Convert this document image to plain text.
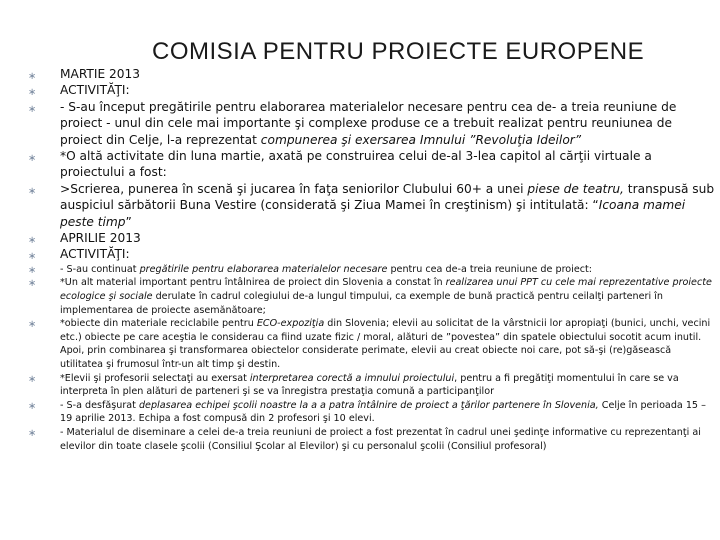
COMISIA PENTRU PROIECTE EUROPENE
∗ MARTIE 2013
∗ ACTIVITĂŢI:
∗ - S-au început pregătirile pentru elaborarea materialelor necesare pentru cea de- a treia reuniune de proiect - unul din cele mai importante şi complexe produse ce a trebuit realizat pentru reuniunea de proiect din Celje, l-a reprezentat compunerea şi exersarea Imnului ”Revoluţia Ideilor”
∗ *O altă activitate din luna martie, axată pe construirea celui de-al 3-lea capitol al cărţii virtuale a proiectului a fost:
∗ >Scrierea, punerea în scenă şi jucarea în faţa seniorilor Clubului 60+ a unei piese de teatru, transpusă sub auspiciul sărbătorii Buna Vestire (considerată şi Ziua Mamei în creştinism) şi intitulată: “Icoana mamei peste timp”
∗ APRILIE 2013
∗ ACTIVITĂŢI:
∗ - S-au continuat pregătirile pentru elaborarea materialelor necesare pentru cea de-a treia reuniune de proiect:
∗ *Un alt material important pentru întâlnirea de proiect din Slovenia a constat în realizarea unui PPT cu cele mai reprezentative proiecte ecologice şi sociale derulate în cadrul colegiului de-a lungul timpului, ca exemple de bună practică pentru ceilalţi parteneri în implementarea de proiecte asemănătoare;
∗ *obiecte din materiale reciclabile pentru ECO-expoziţia din Slovenia; elevii au solicitat de la vârstnicii lor apropiaţi (bunici, unchi, vecini etc.) obiecte pe care aceştia le considerau ca fiind uzate fizic / moral, alături de ”povestea” din spatele obiectului socotit acum inutil. Apoi, prin combinarea şi transformarea obiectelor considerate perimate, elevii au creat obiecte noi care, pot să-şi (re)găsească utilitatea şi frumosul într-un alt timp şi destin.
∗ *Elevii şi profesorii selectaţi au exersat interpretarea corectă a imnului proiectului, pentru a fi pregătiţi momentului în care se va interpreta în plen alături de parteneri şi se va înregistra prestaţia comună a participanţilor
∗ - S-a desfăşurat deplasarea echipei şcolii noastre la a a patra întâlnire de proiect a ţărilor partenere în Slovenia, Celje în perioada 15 – 19 aprilie 2013. Echipa a fost compusă din 2 profesori şi 10 elevi.
∗ - Materialul de diseminare a celei de-a treia reuniuni de proiect a fost prezentat în cadrul unei şedinţe informative cu reprezentanţi ai elevilor din toate clasele şcolii (Consiliul Şcolar al Elevilor) şi cu personalul şcolii (Consiliul profesoral)
